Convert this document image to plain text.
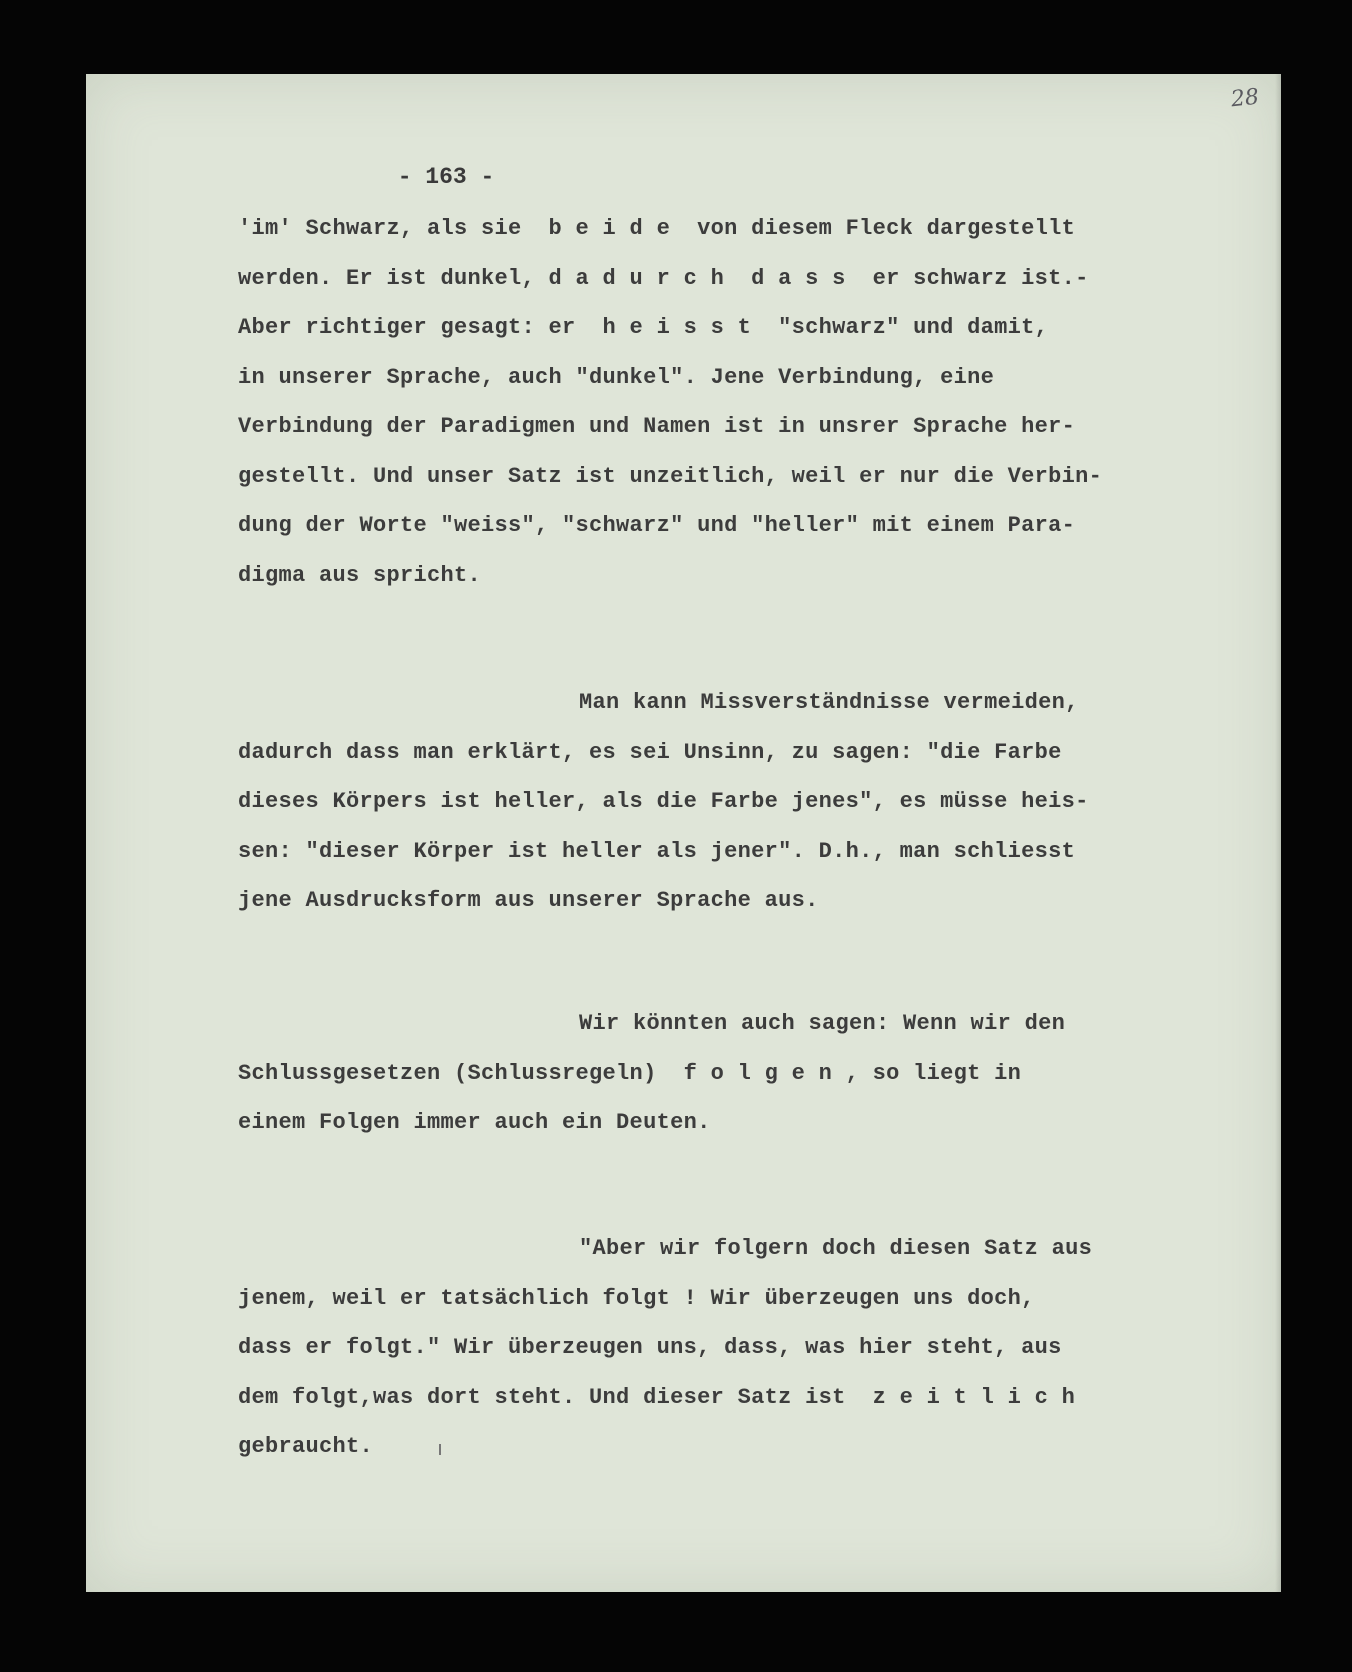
28
- 163 -

'im' Schwarz, als sie  b e i d e  von diesem Fleck dargestellt
werden. Er ist dunkel, d a d u r c h  d a s s  er schwarz ist.-
Aber richtiger gesagt: er  h e i s s t  "schwarz" und damit,
in unserer Sprache, auch "dunkel". Jene Verbindung, eine
Verbindung der Paradigmen und Namen ist in unsrer Sprache her-
gestellt. Und unser Satz ist unzeitlich, weil er nur die Verbin-
dung der Worte "weiss", "schwarz" und "heller" mit einem Para-
digma aus spricht.

Man kann Missverständnisse vermeiden,
dadurch dass man erklärt, es sei Unsinn, zu sagen: "die Farbe
dieses Körpers ist heller, als die Farbe jenes", es müsse heis-
sen: "dieser Körper ist heller als jener". D.h., man schliesst
jene Ausdrucksform aus unserer Sprache aus.

Wir könnten auch sagen: Wenn wir den
Schlussgesetzen (Schlussregeln)  f o l g e n , so liegt in
einem Folgen immer auch ein Deuten.

"Aber wir folgern doch diesen Satz aus
jenem, weil er tatsächlich folgt ! Wir überzeugen uns doch,
dass er folgt." Wir überzeugen uns, dass, was hier steht, aus
dem folgt,was dort steht. Und dieser Satz ist  z e i t l i c h
gebraucht.
